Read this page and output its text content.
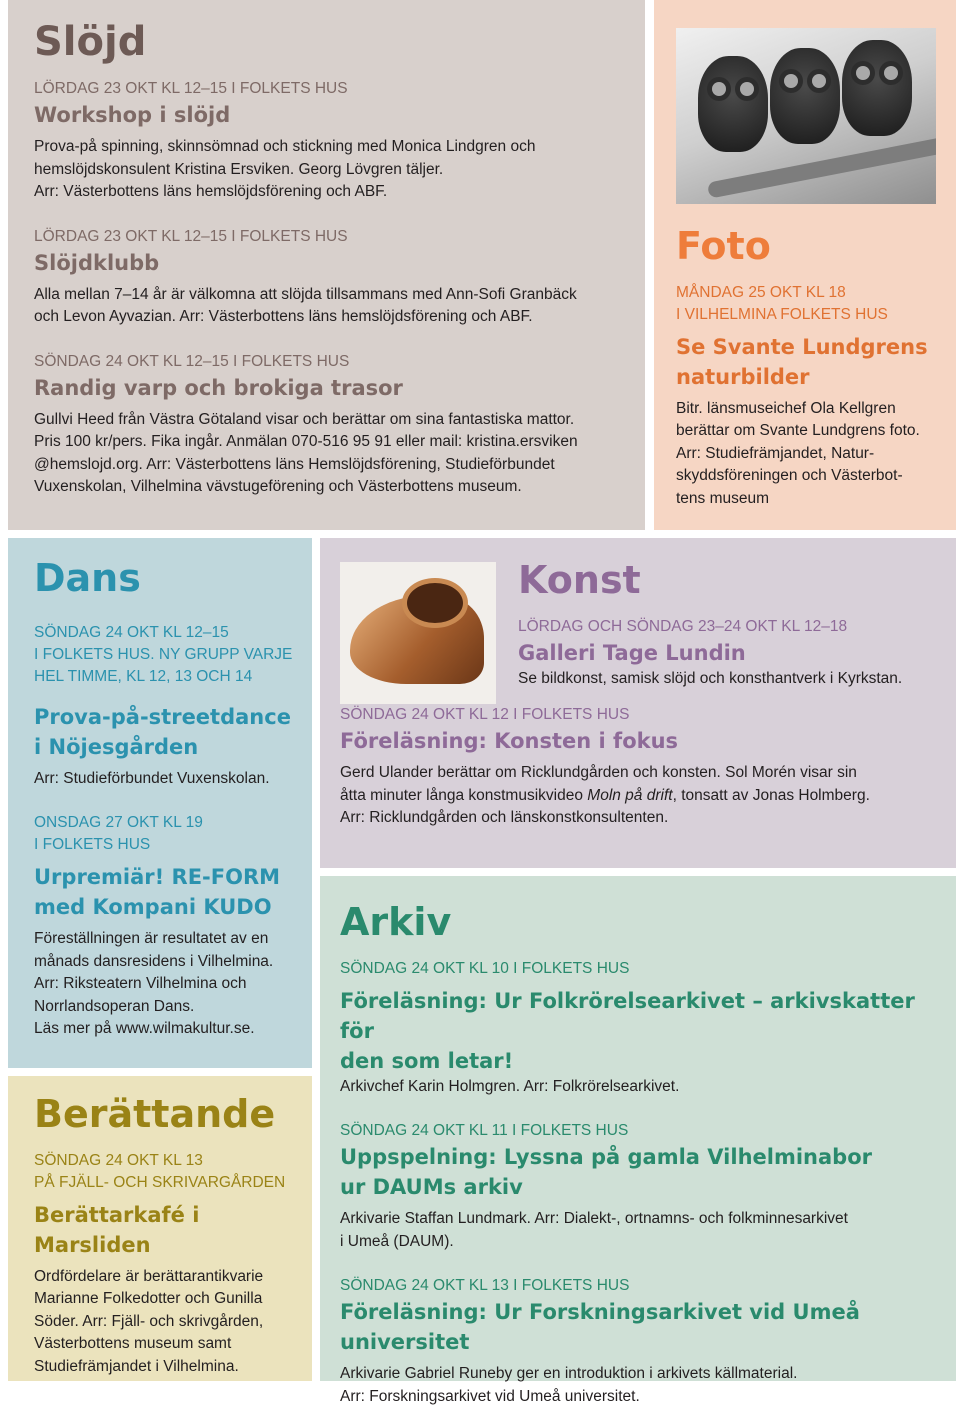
Slöjd

LÖRDAG 23 OKT KL 12–15 I FOLKETS HUS

Workshop i slöjd

Prova-på spinning, skinnsömnad och stickning med Monica Lindgren och

hemslöjdskonsulent Kristina Ersviken. Georg Lövgren täljer.

Arr: Västerbottens läns hemslöjdsförening och ABF.

LÖRDAG 23 OKT KL 12–15 I FOLKETS HUS

Slöjdklubb

Alla mellan 7–14 år är välkomna att slöjda tillsammans med Ann-Sofi Granbäck

och Levon Ayvazian. Arr: Västerbottens läns hemslöjdsförening och ABF.

SÖNDAG 24 OKT KL 12–15 I FOLKETS HUS

Randig varp och brokiga trasor

Gullvi Heed från Västra Götaland visar och berättar om sina fantastiska mattor.

Pris 100 kr/pers. Fika ingår. Anmälan 070-516 95 91 eller mail: kristina.ersviken

@hemslojd.org. Arr: Västerbottens läns Hemslöjdsförening, Studieförbundet

Vuxenskolan, Vilhelmina vävstugeförening och Västerbottens museum.

Foto

MÅNDAG 25 OKT KL 18

I VILHELMINA FOLKETS HUS

Se Svante Lundgrens

naturbilder

Bitr. länsmuseichef Ola Kellgren

berättar om Svante Lundgrens foto.

Arr: Studiefrämjandet, Natur-

skyddsföreningen och Västerbot-

tens museum

Dans

SÖNDAG 24 OKT KL 12–15

I FOLKETS HUS. NY GRUPP VARJE

HEL TIMME, KL 12, 13 OCH 14

Prova-på-streetdance

i Nöjesgården

Arr: Studieförbundet Vuxenskolan.

ONSDAG 27 OKT KL 19

I FOLKETS HUS

Urpremiär! RE-FORM

med Kompani KUDO

Föreställningen är resultatet av en

månads dansresidens i Vilhelmina.

Arr: Riksteatern Vilhelmina och

Norrlandsoperan Dans.

Läs mer på www.wilmakultur.se.

Konst

LÖRDAG OCH SÖNDAG 23–24 OKT KL 12–18

Galleri Tage Lundin

Se bildkonst, samisk slöjd och konsthantverk i Kyrkstan.

SÖNDAG 24 OKT KL 12 I FOLKETS HUS

Föreläsning: Konsten i fokus

Gerd Ulander berättar om Ricklundgården och konsten. Sol Morén visar sin

åtta minuter långa konstmusikvideo Moln på drift, tonsatt av Jonas Holmberg.

Arr: Ricklundgården och länskonstkonsultenten.

Arkiv

SÖNDAG 24 OKT KL 10 I FOLKETS HUS

Föreläsning: Ur Folkrörelsearkivet – arkivskatter för

den som letar!

Arkivchef Karin Holmgren. Arr: Folkrörelsearkivet.

SÖNDAG 24 OKT KL 11 I FOLKETS HUS

Uppspelning: Lyssna på gamla Vilhelminabor

ur DAUMs arkiv

Arkivarie Staffan Lundmark. Arr: Dialekt-, ortnamns- och folkminnesarkivet

i Umeå (DAUM).

SÖNDAG 24 OKT KL 13 I FOLKETS HUS

Föreläsning: Ur Forskningsarkivet vid Umeå universitet

Arkivarie Gabriel Runeby ger en introduktion i arkivets källmaterial.

Arr: Forskningsarkivet vid Umeå universitet.

Berättande

SÖNDAG 24 OKT KL 13

PÅ FJÄLL- OCH SKRIVARGÅRDEN

Berättarkafé i Marsliden

Ordfördelare är berättarantikvarie

Marianne Folkedotter och Gunilla

Söder. Arr: Fjäll- och skrivgården,

Västerbottens museum samt

Studiefrämjandet i Vilhelmina.
